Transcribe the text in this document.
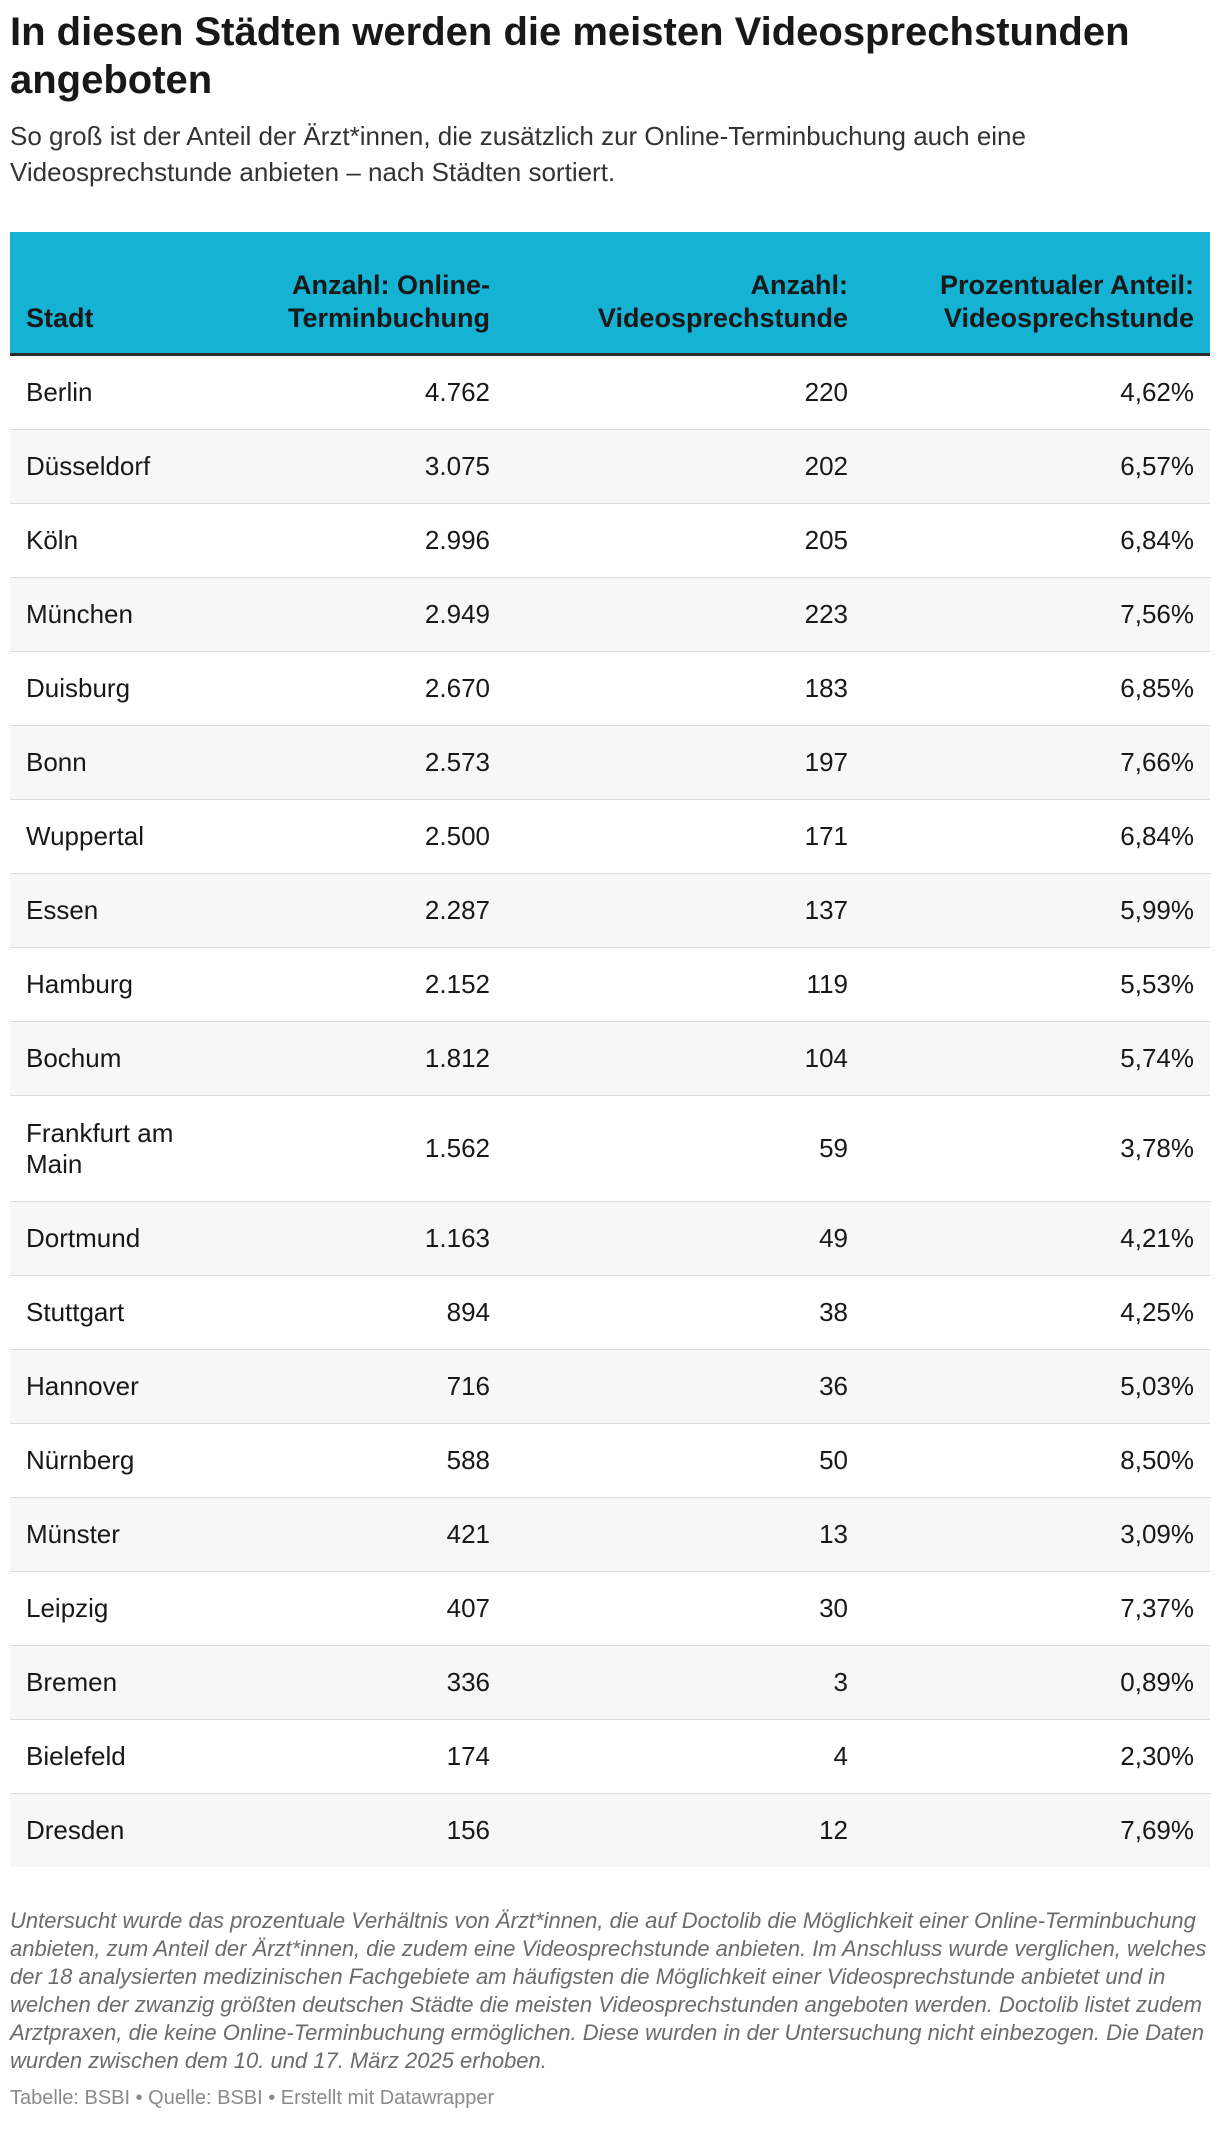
In diesen Städten werden die meisten Videosprechstunden angeboten
So groß ist der Anteil der Ärzt*innen, die zusätzlich zur Online-Terminbuchung auch eine Videosprechstunde anbieten – nach Städten sortiert.
Stadt	Anzahl: Online-Terminbuchung	Anzahl: Videosprechstunde	Prozentualer Anteil: Videosprechstunde
Berlin	4.762	220	4,62%
Düsseldorf	3.075	202	6,57%
Köln	2.996	205	6,84%
München	2.949	223	7,56%
Duisburg	2.670	183	6,85%
Bonn	2.573	197	7,66%
Wuppertal	2.500	171	6,84%
Essen	2.287	137	5,99%
Hamburg	2.152	119	5,53%
Bochum	1.812	104	5,74%
Frankfurt am Main	1.562	59	3,78%
Dortmund	1.163	49	4,21%
Stuttgart	894	38	4,25%
Hannover	716	36	5,03%
Nürnberg	588	50	8,50%
Münster	421	13	3,09%
Leipzig	407	30	7,37%
Bremen	336	3	0,89%
Bielefeld	174	4	2,30%
Dresden	156	12	7,69%
Untersucht wurde das prozentuale Verhältnis von Ärzt*innen, die auf Doctolib die Möglichkeit einer Online-Terminbuchung anbieten, zum Anteil der Ärzt*innen, die zudem eine Videosprechstunde anbieten. Im Anschluss wurde verglichen, welches der 18 analysierten medizinischen Fachgebiete am häufigsten die Möglichkeit einer Videosprechstunde anbietet und in welchen der zwanzig größten deutschen Städte die meisten Videosprechstunden angeboten werden. Doctolib listet zudem Arztpraxen, die keine Online-Terminbuchung ermöglichen. Diese wurden in der Untersuchung nicht einbezogen. Die Daten wurden zwischen dem 10. und 17. März 2025 erhoben.
Tabelle: BSBI • Quelle: BSBI • Erstellt mit Datawrapper
